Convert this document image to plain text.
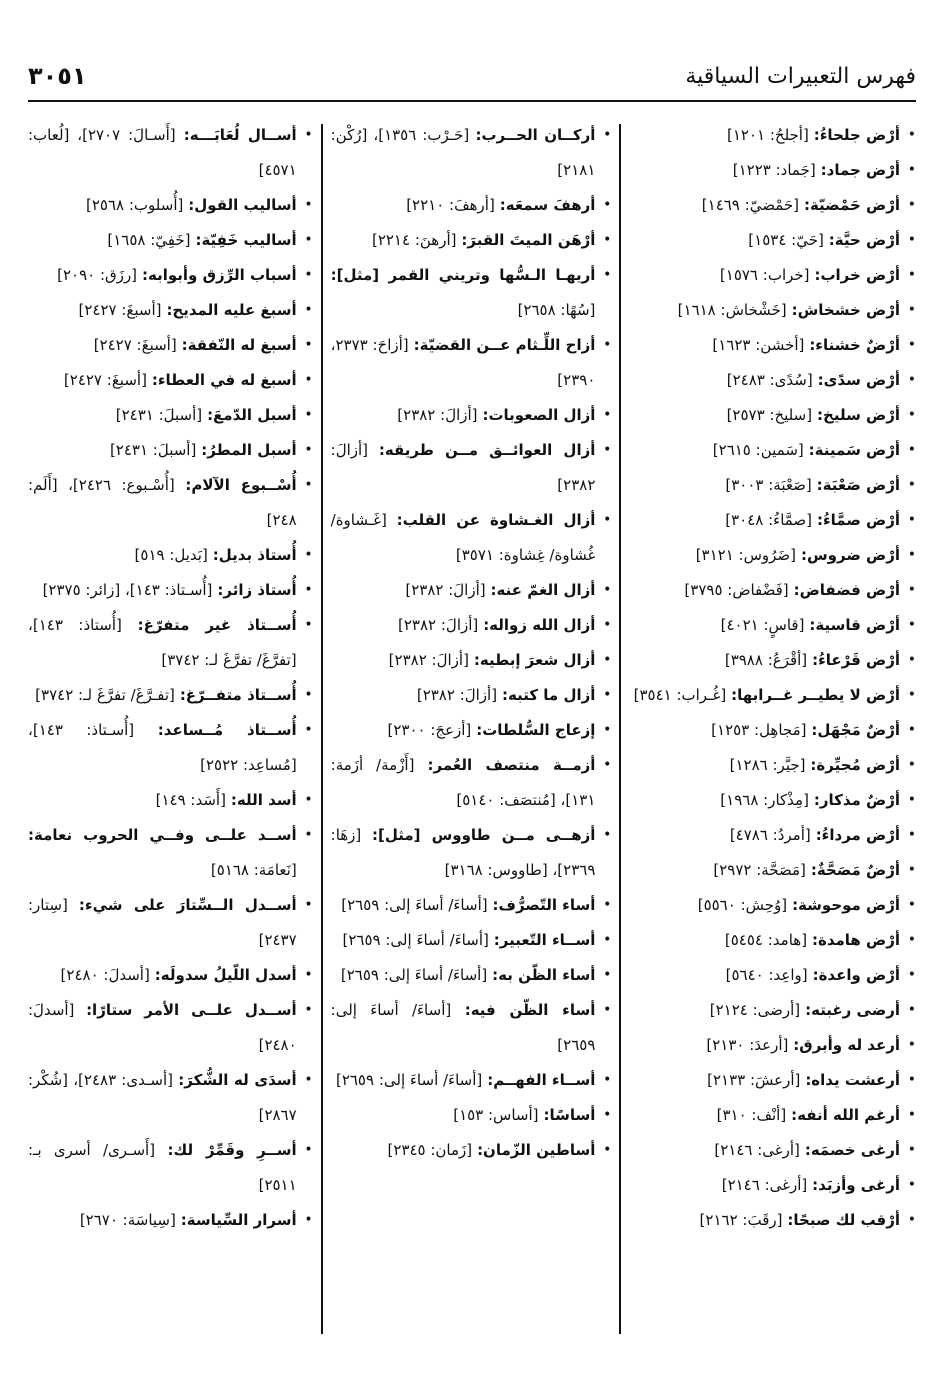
فهرس التعبيرات السياقية
٣٠٥١
• أرْض جلحاءُ: [أجلحُ: ١٢٠١]
• أرْض جماد: [جَماد: ١٢٢٣]
• أرْض حَمْضيّة: [حَمْضيّ: ١٤٦٩]
• أرْض حيَّة: [حَيّ: ١٥٣٤]
• أرْض خراب: [خراب: ١٥٧٦]
• أرْض خشخاش: [خَشْخاش: ١٦١٨]
• أرْضٌ خشناء: [أخشن: ١٦٢٣]
• أرْض سدًى: [سُدًى: ٢٤٨٣]
• أرْض سليخ: [سليخ: ٢٥٧٣]
• أرْض سَمينة: [سَمين: ٢٦١٥]
• أرْض صَعْبَة: [صَعْبَة: ٣٠٠٣]
• أرْض صمَّاءُ: [صمَّاءُ: ٣٠٤٨]
• أرْض ضروس: [ضَرُوس: ٣١٢١]
• أرْض فضفاض: [فَضْفاض: ٣٧٩٥]
• أرْض قاسية: [قاسٍ: ٤٠٢١]
• أرْض قَرْعاءُ: [أقْرَعُ: ٣٩٨٨]
• أرْض لا يطيــر غــرابها: [غُـراب: ٣٥٤١]
• أرْضٌ مَجْهَل: [مَجاهِل: ١٢٥٣]
• أرْض مُجيِّرة: [جيَّر: ١٢٨٦]
• أرْضٌ مذكار: [مِذْكار: ١٩٦٨]
• أرْض مرداءُ: [أمردُ: ٤٧٨٦]
• أرْضٌ مَصَحَّةٌ: [مَصَحَّة: ٢٩٧٢]
• أرْض موحوشة: [وُحِش: ٥٥٦٠]
• أرْض هامدة: [هامد: ٥٤٥٤]
• أرْض واعدة: [واعِد: ٥٦٤٠]
• أرضى رغبته: [أرضى: ٢١٢٤]
• أرعد له وأبرق: [أرعدَ: ٢١٣٠]
• أرعشت يداه: [أرعشَ: ٢١٣٣]
• أرغم الله أنفه: [أنْف: ٣١٠]
• أرغى خصمَه: [أرغى: ٢١٤٦]
• أرغى وأزبَد: [أرغى: ٢١٤٦]
• أرْقب لك صبحًا: [رقَبَ: ٢١٦٢]
• أركــان الحــرب: [حَـرْب: ١٣٥٦]، [رُكْن: ٢١٨١]
• أرهفَ سمعَه: [أرهفَ: ٢٢١٠]
• أرْهَن الميتَ القبرَ: [أرهنَ: ٢٢١٤]
• أريهـا الـسُّها وتريني القمر [مثل]: [سُهًا: ٢٦٥٨]
• أزاح اللِّـثام عــن القضيّة: [أزاحَ: ٢٣٧٣، ٢٣٩٠]
• أزال الصعوبات: [أزالَ: ٢٣٨٢]
• أزال العوائــق مــن طريقه: [أزالَ: ٢٣٨٢]
• أزال الغـشاوة عن القلب: [غَـشاوة/ غُشاوة/ غِشاوة: ٣٥٧١]
• أزال الغمّ عنه: [أزالَ: ٢٣٨٢]
• أزال الله زواله: [أزالَ: ٢٣٨٢]
• أزال شعرَ إبطيه: [أزالَ: ٢٣٨٢]
• أزال ما كتبه: [أزالَ: ٢٣٨٢]
• إزعاج السُّلطات: [أزعجَ: ٢٣٠٠]
• أزمــة منتصف العُمر: [أَزْمة/ أزَمة: ١٣١]، [مُنتصَف: ٥١٤٠]
• أزهــى مــن طاووس [مثل]: [زهَا: ٢٣٦٩]، [طاووس: ٣١٦٨]
• أساء التّصرُّف: [أساءَ/ أساءَ إلى: ٢٦٥٩]
• أســاء التّعبير: [أساءَ/ أساءَ إلى: ٢٦٥٩]
• أساء الظّن به: [أساءَ/ أساءَ إلى: ٢٦٥٩]
• أساء الظّن فيه: [أساءَ/ أساءَ إلى: ٢٦٥٩]
• أســاء الفهــم: [أساءَ/ أساءَ إلى: ٢٦٥٩]
• أساسًا: [أساس: ١٥٣]
• أساطين الزّمان: [زَمان: ٢٣٤٥]
• أســال لُعَابَـــه: [أَسـالَ: ٢٧٠٧]، [لُعاب: ٤٥٧١]
• أساليب القول: [أُسلوب: ٢٥٦٨]
• أساليب خَفِيّة: [خَفِيّ: ١٦٥٨]
• أسباب الرِّزق وأبوابه: [رزَق: ٢٠٩٠]
• أسبغ عليه المديح: [أسبغَ: ٢٤٢٧]
• أسبغ له النّفقة: [أسبغَ: ٢٤٢٧]
• أسبغ له في العطاء: [أسبغَ: ٢٤٢٧]
• أسبل الدّمعَ: [أسبلَ: ٢٤٣١]
• أسبل المطرُ: [أسبلَ: ٢٤٣١]
• أُسْــبوع الآلام: [أُسْـبوع: ٢٤٢٦]، [أَلَم: ٢٤٨]
• أُستاذ بديل: [بَديل: ٥١٩]
• أُستاذ زائر: [أُسـتاذ: ١٤٣]، [زائر: ٢٣٧٥]
• أُســتاذ غير متفرّغ: [أُستاذ: ١٤٣]، [تفرَّغَ/ تفرَّغَ لـ: ٣٧٤٢]
• أُســتاذ متفــرّغ: [تفـرَّغَ/ تفرَّغَ لـ: ٣٧٤٢]
• أُســتاذ مُــساعد: [أُسـتاذ: ١٤٣]، [مُساعِد: ٢٥٢٢]
• أسد الله: [أَسَد: ١٤٩]
• أســد علــى وفــي الحروب نعامة: [نَعامَة: ٥١٦٨]
• أســدل الــسِّتارَ على شيء: [سِتار: ٢٤٣٧]
• أسدل اللّيلُ سدولَه: [أسدلَ: ٢٤٨٠]
• أســدل علــى الأمر ستارًا: [أسدلَ: ٢٤٨٠]
• أسدَى له الشُّكرَ: [أسـدى: ٢٤٨٣]، [شُكْر: ٢٨٦٧]
• أســرِ وقَمِّرْ لك: [أَسـرى/ أسرى بـ: ٢٥١١]
• أسرار السِّياسة: [سِياسَة: ٢٦٧٠]
